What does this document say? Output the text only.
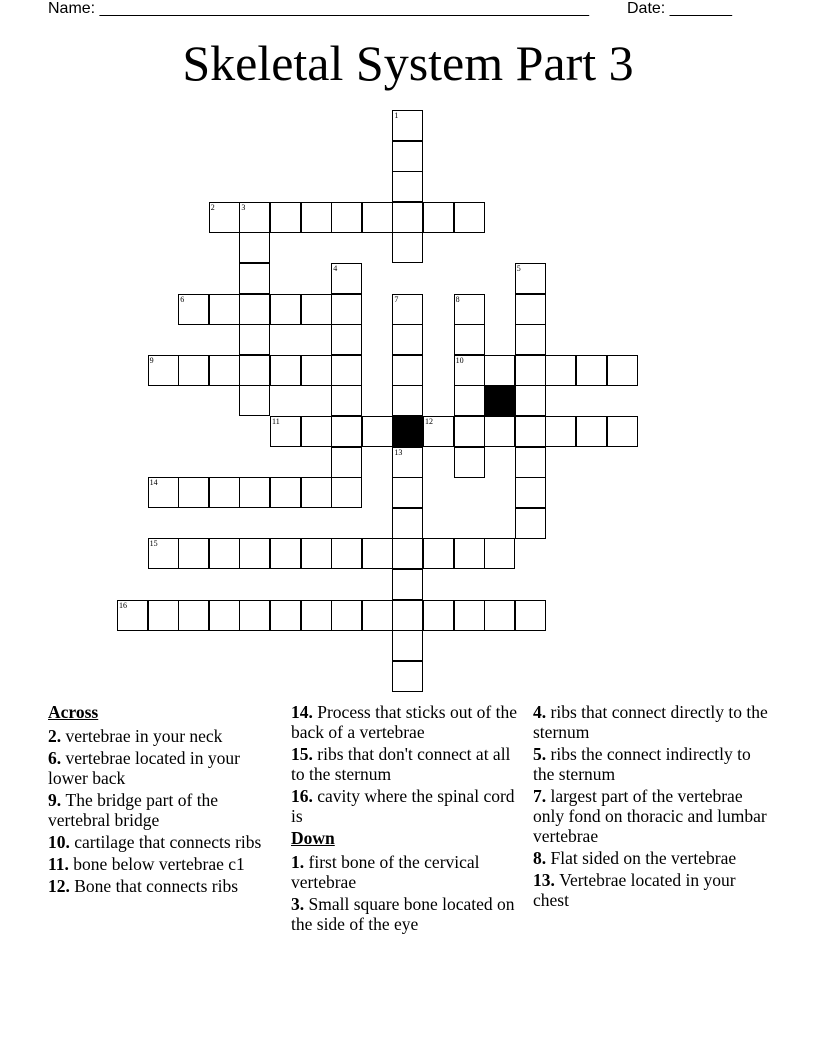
Name: _______________________________________________________	Date: _______
Skeletal System Part 3
1
2	3
4	5
6	7	8
10
9
11	12
13
14
15
16
Across
2. vertebrae in your neck
6. vertebrae located in your lower back
9. The bridge part of the vertebral bridge
10. cartilage that connects ribs
11. bone below vertebrae c1
12. Bone that connects ribs
14. Process that sticks out of the back of a vertebrae
15. ribs that don't connect at all to the sternum
16. cavity where the spinal cord is
Down
1. first bone of the cervical vertebrae
3. Small square bone located on the side of the eye
4. ribs that connect directly to the sternum
5. ribs the connect indirectly to the sternum
7. largest part of the vertebrae only fond on thoracic and lumbar vertebrae
8. Flat sided on the vertebrae
13. Vertebrae located in your chest
